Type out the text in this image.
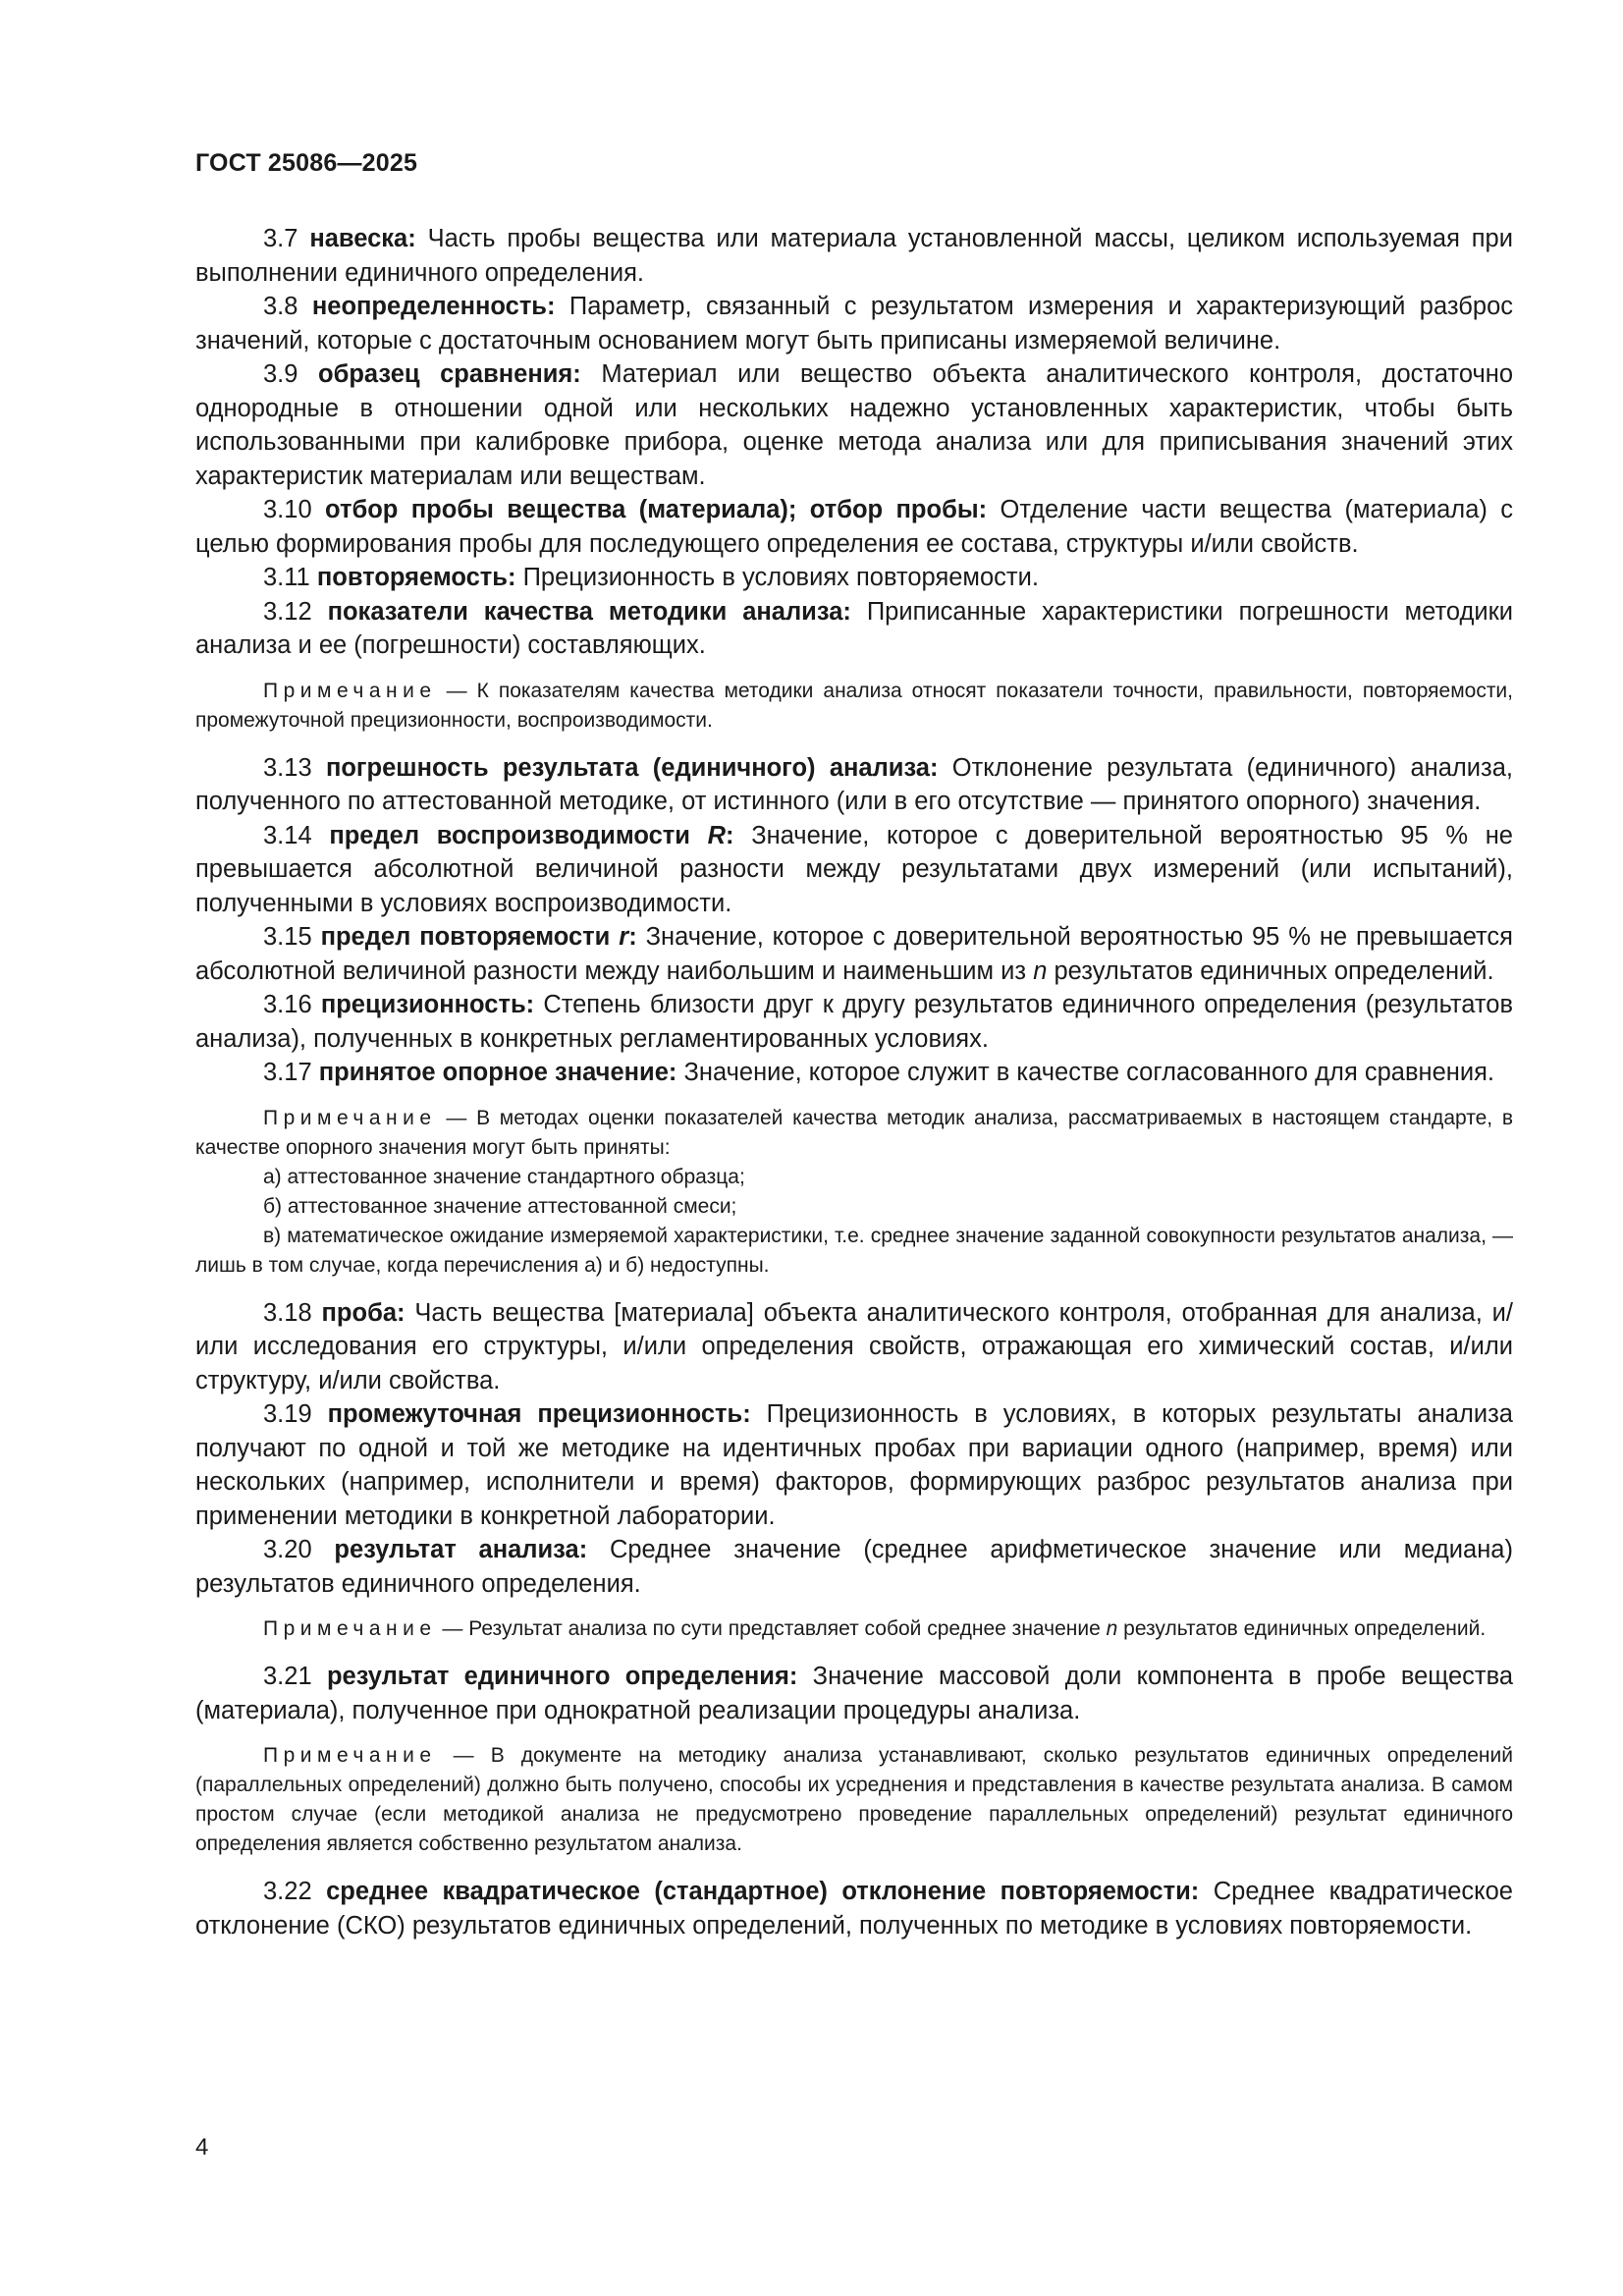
ГОСТ 25086—2025

3.7 навеска: Часть пробы вещества или материала установленной массы, целиком используемая при выполнении единичного определения.

3.8 неопределенность: Параметр, связанный с результатом измерения и характеризующий разброс значений, которые с достаточным основанием могут быть приписаны измеряемой величине.

3.9 образец сравнения: Материал или вещество объекта аналитического контроля, достаточно однородные в отношении одной или нескольких надежно установленных характеристик, чтобы быть использованными при калибровке прибора, оценке метода анализа или для приписывания значений этих характеристик материалам или веществам.

3.10 отбор пробы вещества (материала); отбор пробы: Отделение части вещества (материала) с целью формирования пробы для последующего определения ее состава, структуры и/или свойств.

3.11 повторяемость: Прецизионность в условиях повторяемости.

3.12 показатели качества методики анализа: Приписанные характеристики погрешности методики анализа и ее (погрешности) составляющих.

Примечание — К показателям качества методики анализа относят показатели точности, правильности, повторяемости, промежуточной прецизионности, воспроизводимости.

3.13 погрешность результата (единичного) анализа: Отклонение результата (единичного) анализа, полученного по аттестованной методике, от истинного (или в его отсутствие — принятого опорного) значения.

3.14 предел воспроизводимости R: Значение, которое с доверительной вероятностью 95 % не превышается абсолютной величиной разности между результатами двух измерений (или испытаний), полученными в условиях воспроизводимости.

3.15 предел повторяемости r: Значение, которое с доверительной вероятностью 95 % не превышается абсолютной величиной разности между наибольшим и наименьшим из n результатов единичных определений.

3.16 прецизионность: Степень близости друг к другу результатов единичного определения (результатов анализа), полученных в конкретных регламентированных условиях.

3.17 принятое опорное значение: Значение, которое служит в качестве согласованного для сравнения.

Примечание — В методах оценки показателей качества методик анализа, рассматриваемых в настоящем стандарте, в качестве опорного значения могут быть приняты:

а) аттестованное значение стандартного образца;

б) аттестованное значение аттестованной смеси;

в) математическое ожидание измеряемой характеристики, т.е. среднее значение заданной совокупности результатов анализа, — лишь в том случае, когда перечисления а) и б) недоступны.

3.18 проба: Часть вещества [материала] объекта аналитического контроля, отобранная для анализа, и/или исследования его структуры, и/или определения свойств, отражающая его химический состав, и/или структуру, и/или свойства.

3.19 промежуточная прецизионность: Прецизионность в условиях, в которых результаты анализа получают по одной и той же методике на идентичных пробах при вариации одного (например, время) или нескольких (например, исполнители и время) факторов, формирующих разброс результатов анализа при применении методики в конкретной лаборатории.

3.20 результат анализа: Среднее значение (среднее арифметическое значение или медиана) результатов единичного определения.

Примечание — Результат анализа по сути представляет собой среднее значение n результатов единичных определений.

3.21 результат единичного определения: Значение массовой доли компонента в пробе вещества (материала), полученное при однократной реализации процедуры анализа.

Примечание — В документе на методику анализа устанавливают, сколько результатов единичных определений (параллельных определений) должно быть получено, способы их усреднения и представления в качестве результата анализа. В самом простом случае (если методикой анализа не предусмотрено проведение параллельных определений) результат единичного определения является собственно результатом анализа.

3.22 среднее квадратическое (стандартное) отклонение повторяемости: Среднее квадратическое отклонение (СКО) результатов единичных определений, полученных по методике в условиях повторяемости.

4
